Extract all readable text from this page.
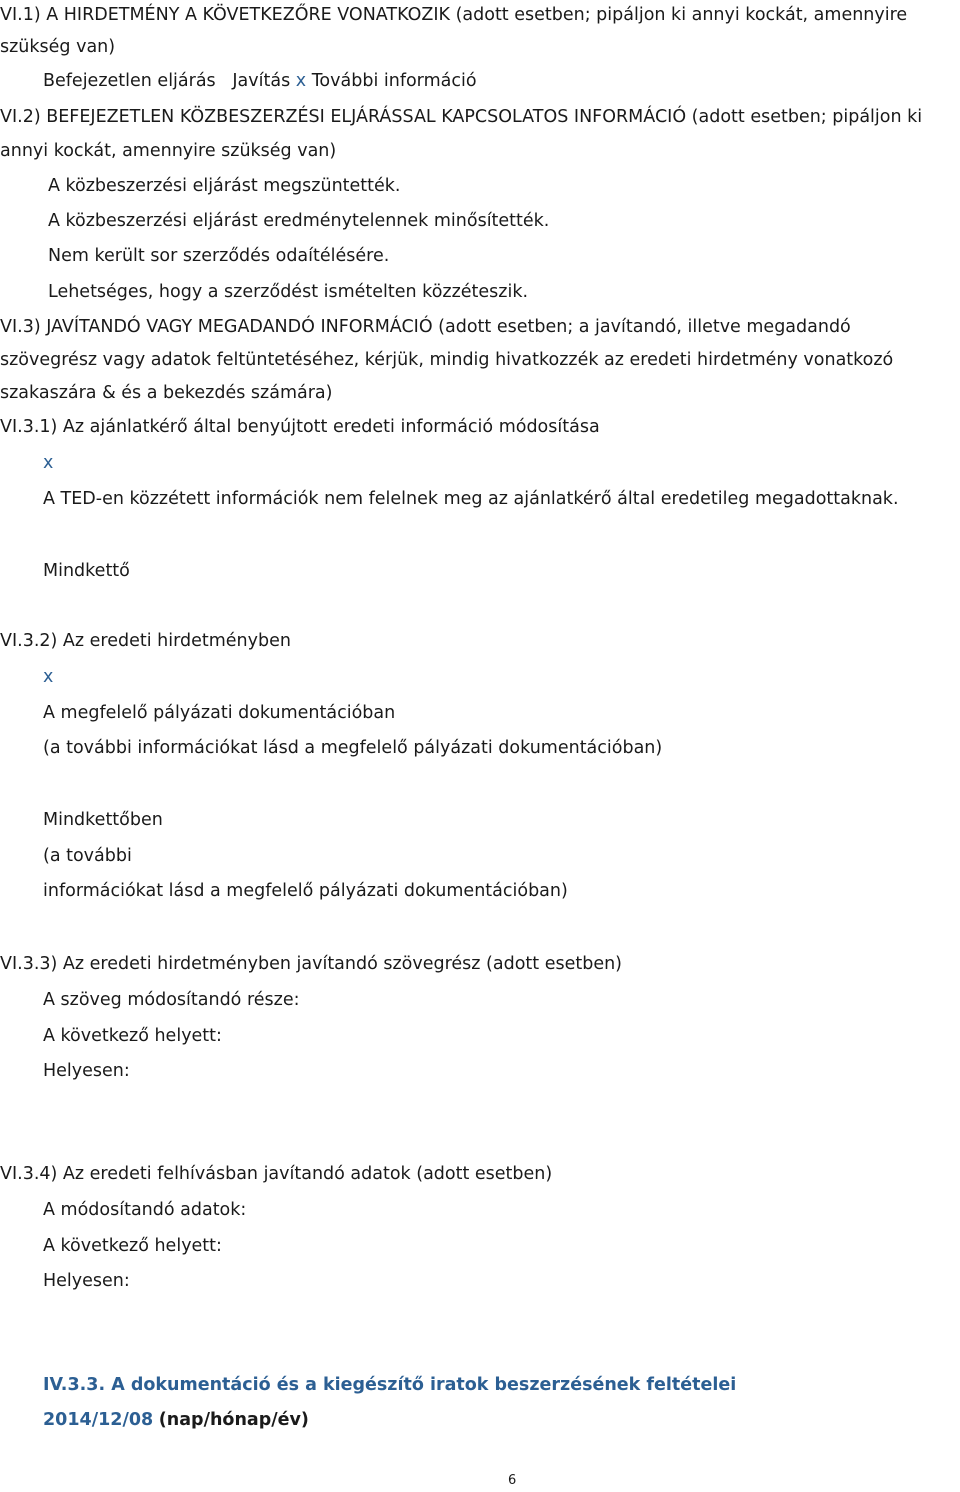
VI.1) A HIRDETMÉNY A KÖVETKEZŐRE VONATKOZIK (adott esetben; pipáljon ki annyi kockát, amennyire
szükség van)
Befejezetlen eljárás Javítás x További információ
VI.2) BEFEJEZETLEN KÖZBESZERZÉSI ELJÁRÁSSAL KAPCSOLATOS INFORMÁCIÓ (adott esetben; pipáljon ki
annyi kockát, amennyire szükség van)
A közbeszerzési eljárást megszüntették.
A közbeszerzési eljárást eredménytelennek minősítették.
Nem került sor szerződés odaítélésére.
Lehetséges, hogy a szerződést ismételten közzéteszik.
VI.3) JAVÍTANDÓ VAGY MEGADANDÓ INFORMÁCIÓ (adott esetben; a javítandó, illetve megadandó
szövegrész vagy adatok feltüntetéséhez, kérjük, mindig hivatkozzék az eredeti hirdetmény vonatkozó
szakaszára & és a bekezdés számára)
VI.3.1) Az ajánlatkérő által benyújtott eredeti információ módosítása
x
A TED-en közzétett információk nem felelnek meg az ajánlatkérő által eredetileg megadottaknak.
Mindkettő
VI.3.2) Az eredeti hirdetményben
x
A megfelelő pályázati dokumentációban
(a további információkat lásd a megfelelő pályázati dokumentációban)
Mindkettőben
(a további
információkat lásd a megfelelő pályázati dokumentációban)
VI.3.3) Az eredeti hirdetményben javítandó szövegrész (adott esetben)
A szöveg módosítandó része:
A következő helyett:
Helyesen:
VI.3.4) Az eredeti felhívásban javítandó adatok (adott esetben)
A módosítandó adatok:
A következő helyett:
Helyesen:
IV.3.3. A dokumentáció és a kiegészítő iratok beszerzésének feltételei
2014/12/08 (nap/hónap/év)
6
